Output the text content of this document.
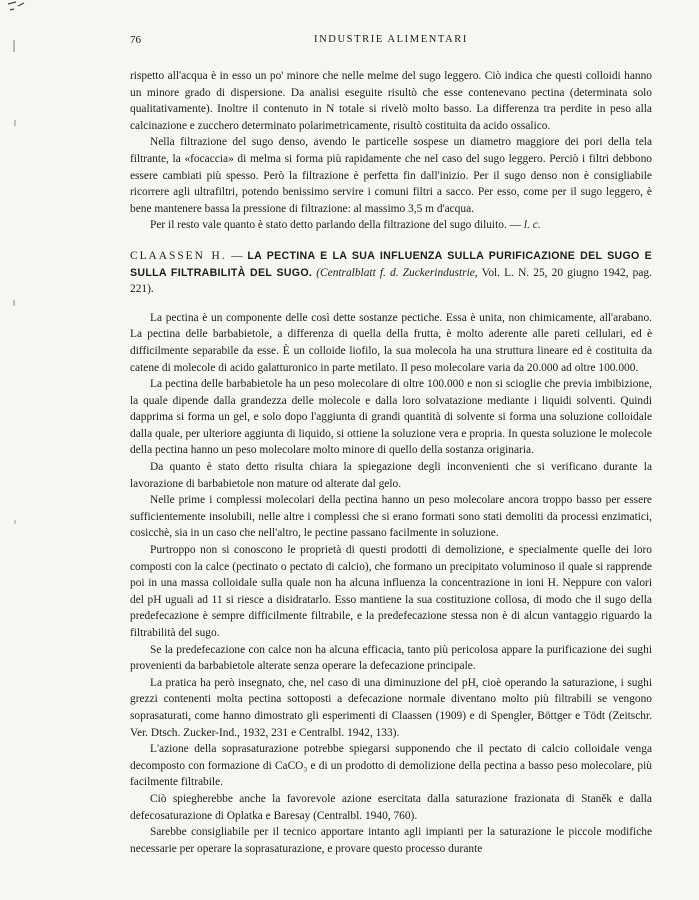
76	INDUSTRIE ALIMENTARI

rispetto all'acqua è in esso un po' minore che nelle melme del sugo leggero. Ciò indica che questi colloidi hanno un minore grado di dispersione. Da analisi eseguite risultò che esse contenevano pectina (determinata solo qualitativamente). Inoltre il contenuto in N totale si rivelò molto basso. La differenza tra perdite in peso alla calcinazione e zucchero determinato polarimetricamente, risultò costituita da acido ossalico.

Nella filtrazione del sugo denso, avendo le particelle sospese un diametro maggiore dei pori della tela filtrante, la «focaccia» di melma si forma più rapidamente che nel caso del sugo leggero. Perciò i filtri debbono essere cambiati più spesso. Però la filtrazione è perfetta fin dall'inizio. Per il sugo denso non è consigliabile ricorrere agli ultrafiltri, potendo benissimo servire i comuni filtri a sacco. Per esso, come per il sugo leggero, è bene mantenere bassa la pressione di filtrazione: al massimo 3,5 m d'acqua.

Per il resto vale quanto è stato detto parlando della filtrazione del sugo diluito. — l. c.

CLAASSEN H. — LA PECTINA E LA SUA INFLUENZA SULLA PURIFICAZIONE DEL SUGO E SULLA FILTRABILITÀ DEL SUGO. (Centralblatt f. d. Zuckerindustrie, Vol. L. N. 25, 20 giugno 1942, pag. 221).

La pectina è un componente delle così dette sostanze pectiche. Essa è unita, non chimicamente, all'arabano. La pectina delle barbabietole, a differenza di quella della frutta, è molto aderente alle pareti cellulari, ed è difficilmente separabile da esse. È un colloide liofilo, la sua molecola ha una struttura lineare ed è costituita da catene di molecole di acido galatturonico in parte metilato. Il peso molecolare varia da 20.000 ad oltre 100.000.

La pectina delle barbabietole ha un peso molecolare di oltre 100.000 e non si scioglie che previa imbibizione, la quale dipende dalla grandezza delle molecole e dalla loro solvatazione mediante i liquidi solventi. Quindi dapprima si forma un gel, e solo dopo l'aggiunta di grandi quantità di solvente si forma una soluzione colloidale dalla quale, per ulteriore aggiunta di liquido, si ottiene la soluzione vera e propria. In questa soluzione le molecole della pectina hanno un peso molecolare molto minore di quello della sostanza originaria.

Da quanto è stato detto risulta chiara la spiegazione degli inconvenienti che si verificano durante la lavorazione di barbabietole non mature od alterate dal gelo.

Nelle prime i complessi molecolari della pectina hanno un peso molecolare ancora troppo basso per essere sufficientemente insolubili, nelle altre i complessi che si erano formati sono stati demoliti da processi enzimatici, cosicchè, sia in un caso che nell'altro, le pectine passano facilmente in soluzione.

Purtroppo non si conoscono le proprietà di questi prodotti di demolizione, e specialmente quelle dei loro composti con la calce (pectinato o pectato di calcio), che formano un precipitato voluminoso il quale si rapprende poi in una massa colloidale sulla quale non ha alcuna influenza la concentrazione in ioni H. Neppure con valori del pH uguali ad 11 si riesce a disidratarlo. Esso mantiene la sua costituzione collosa, di modo che il sugo della predefecazione è sempre difficilmente filtrabile, e la predefecazione stessa non è di alcun vantaggio riguardo la filtrabilità del sugo.

Se la predefecazione con calce non ha alcuna efficacia, tanto più pericolosa appare la purificazione dei sughi provenienti da barbabietole alterate senza operare la defecazione principale.

La pratica ha però insegnato, che, nel caso di una diminuzione del pH, cioè operando la saturazione, i sughi grezzi contenenti molta pectina sottoposti a defecazione normale diventano molto più filtrabili se vengono soprasaturati, come hanno dimostrato gli esperimenti di Claassen (1909) e di Spengler, Böttger e Tödt (Zeitschr. Ver. Dtsch. Zucker-Ind., 1932, 231 e Centralbl. 1942, 133).

L'azione della soprasaturazione potrebbe spiegarsi supponendo che il pectato di calcio colloidale venga decomposto con formazione di CaCO₃ e di un prodotto di demolizione della pectina a basso peso molecolare, più facilmente filtrabile.

Ciò spiegherebbe anche la favorevole azione esercitata dalla saturazione frazionata di Staněk e dalla defecosaturazione di Oplatka e Baresay (Centralbl. 1940, 760).

Sarebbe consigliabile per il tecnico apportare intanto agli impianti per la saturazione le piccole modifiche necessarie per operare la soprasaturazione, e provare questo processo durante
